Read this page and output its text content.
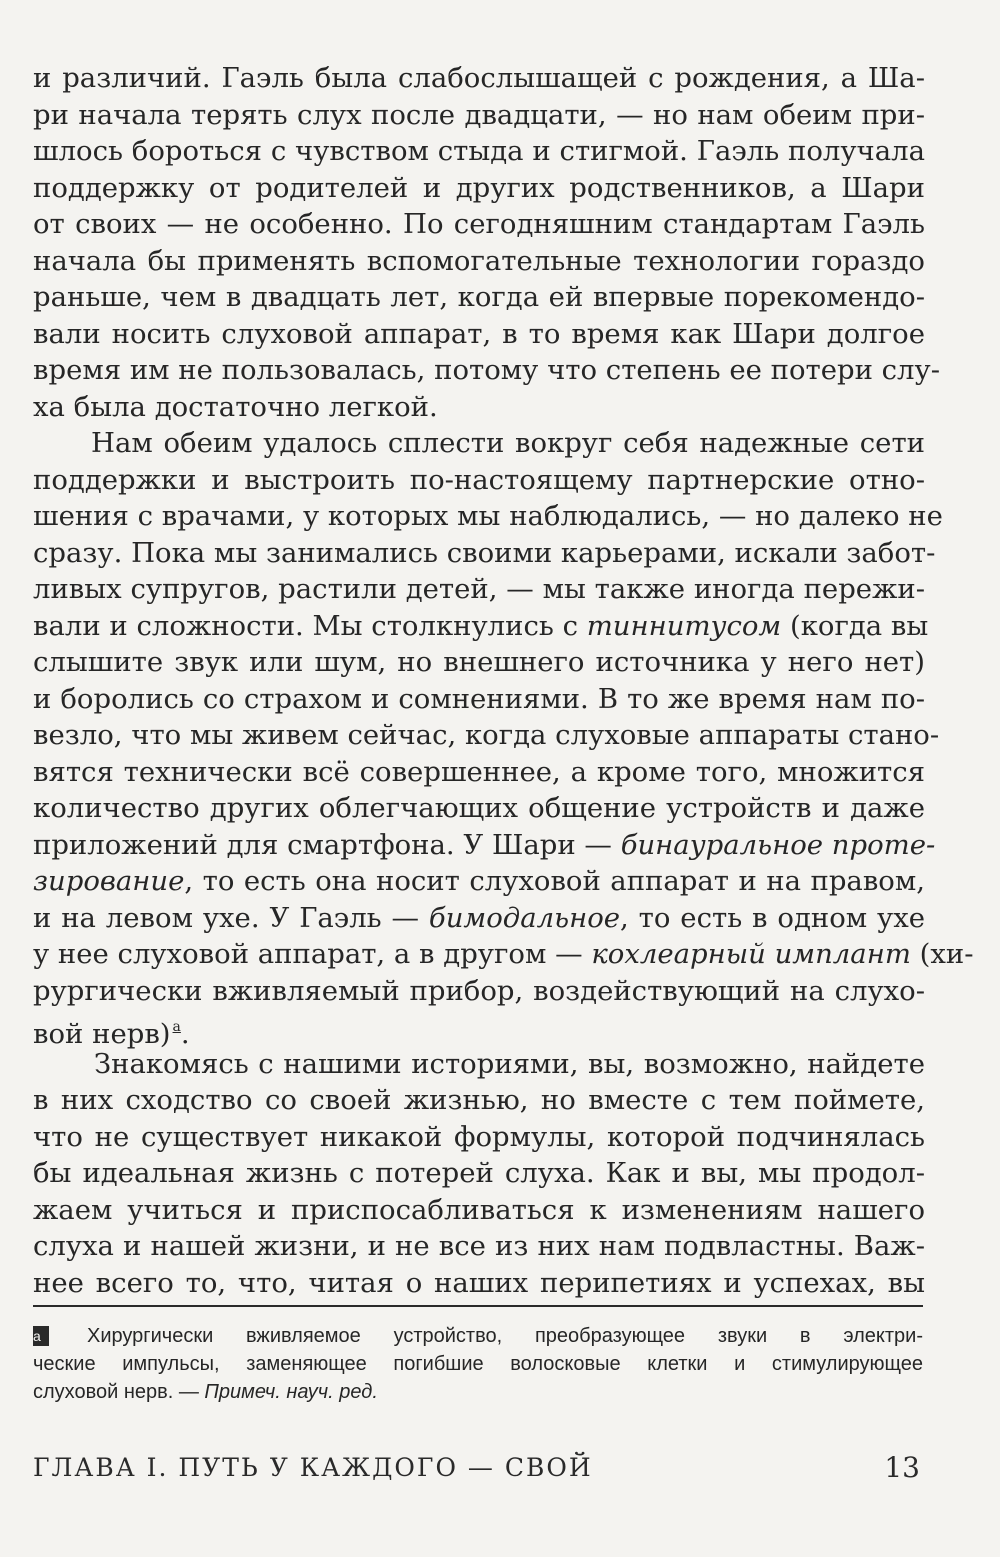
и различий. Гаэль была слабослышащей с рождения, а Ша-
ри начала терять слух после двадцати, — но нам обеим при-
шлось бороться с чувством стыда и стигмой. Гаэль получала
поддержку от родителей и других родственников, а Шари
от своих — не особенно. По сегодняшним стандартам Гаэль
начала бы применять вспомогательные технологии гораздо
раньше, чем в двадцать лет, когда ей впервые порекомендо-
вали носить слуховой аппарат, в то время как Шари долгое
время им не пользовалась, потому что степень ее потери слу-
ха была достаточно легкой.
Нам обеим удалось сплести вокруг себя надежные сети
поддержки и выстроить по-настоящему партнерские отно-
шения с врачами, у которых мы наблюдались, — но далеко не
сразу. Пока мы занимались своими карьерами, искали забот-
ливых супругов, растили детей, — мы также иногда пережи-
вали и сложности. Мы столкнулись с тиннитусом (когда вы
слышите звук или шум, но внешнего источника у него нет)
и боролись со страхом и сомнениями. В то же время нам по-
везло, что мы живем сейчас, когда слуховые аппараты стано-
вятся технически всё совершеннее, а кроме того, множится
количество других облегчающих общение устройств и даже
приложений для смартфона. У Шари — бинауральное проте-
зирование, то есть она носит слуховой аппарат и на правом,
и на левом ухе. У Гаэль — бимодальное, то есть в одном ухе
у нее слуховой аппарат, а в другом — кохлеарный имплант (хи-
рургически вживляемый прибор, воздействующий на слухо-
вой нерв) $^а$.
Знакомясь с нашими историями, вы, возможно, найдете
в них сходство со своей жизнью, но вместе с тем поймете,
что не существует никакой формулы, которой подчинялась
бы идеальная жизнь с потерей слуха. Как и вы, мы продол-
жаем учиться и приспосабливаться к изменениям нашего
слуха и нашей жизни, и не все из них нам подвластны. Важ-
нее всего то, что, читая о наших перипетиях и успехах, вы
a Хирургически вживляемое устройство, преобразующее звуки в электри-
ческие импульсы, заменяющее погибшие волосковые клетки и стимулирующее
слуховой нерв. — Примеч. науч. ред.
ГЛАВА I. ПУТЬ У КАЖДОГО — СВОЙ	13
